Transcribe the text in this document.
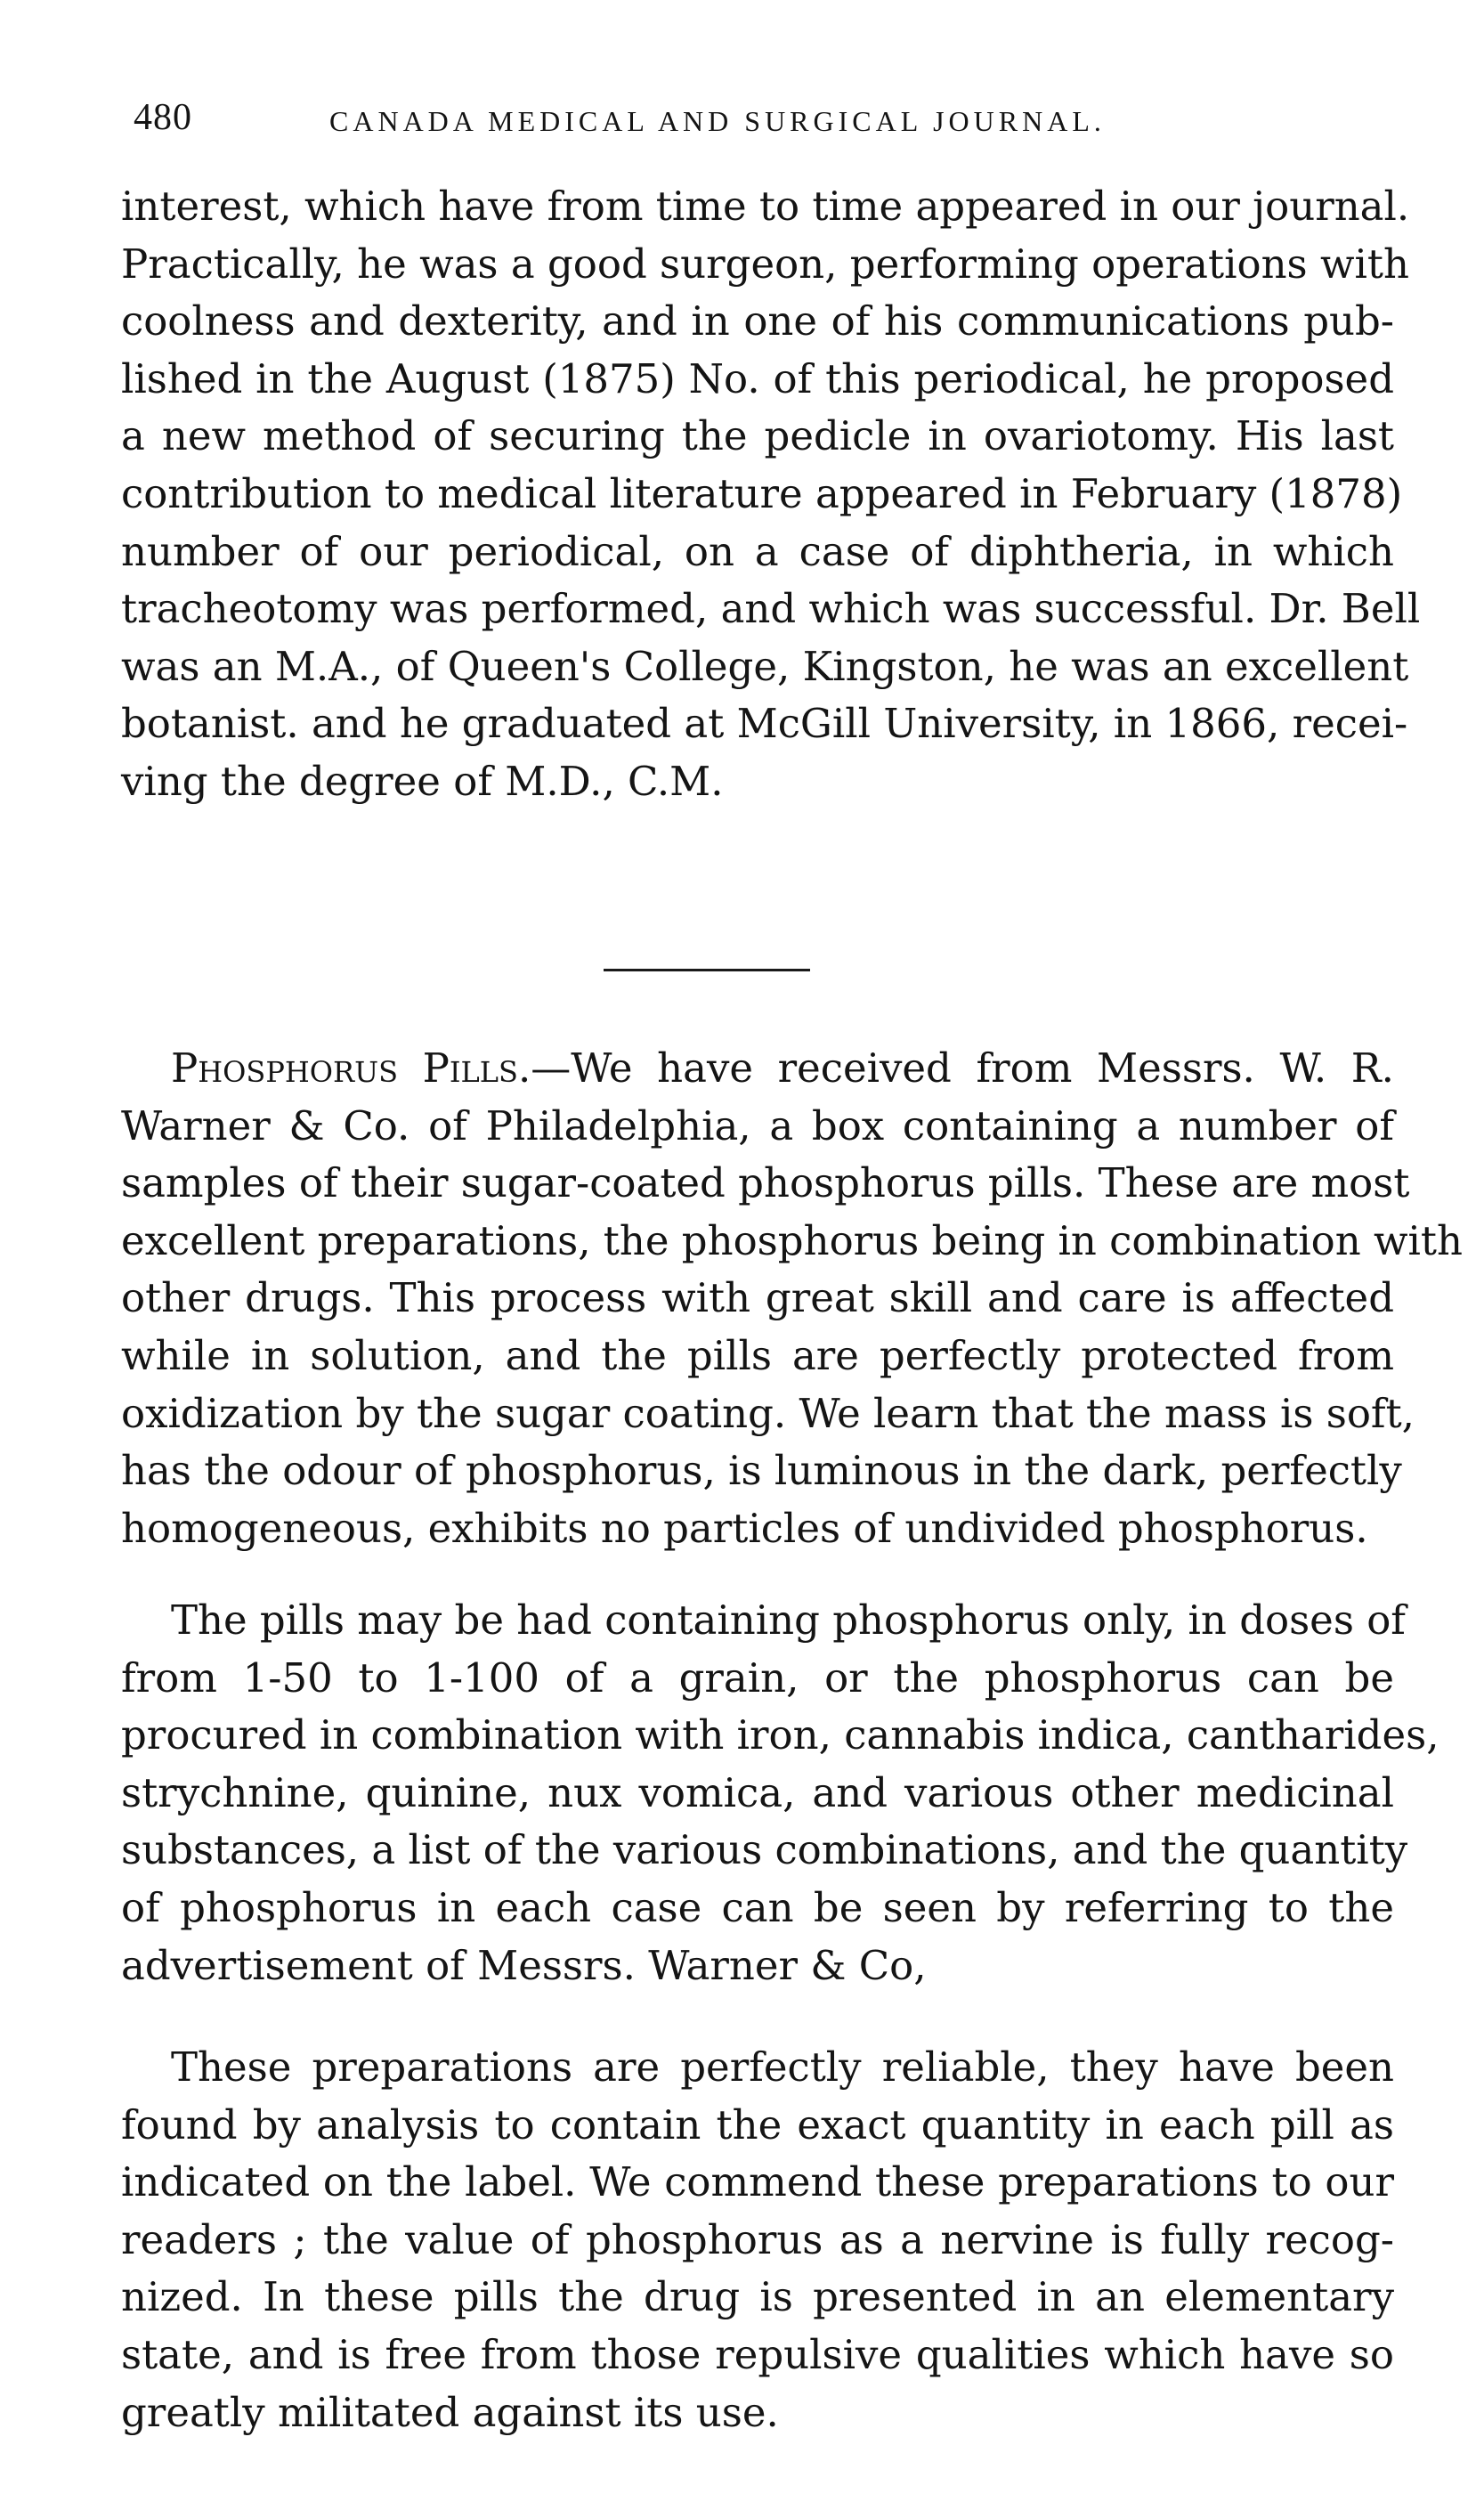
480	CANADA MEDICAL AND SURGICAL JOURNAL.
interest, which have from time to time appeared in our journal.
Practically, he was a good surgeon, performing operations with
coolness and dexterity, and in one of his communications pub-
lished in the August (1875) No. of this periodical, he proposed
a new method of securing the pedicle in ovariotomy. His last
contribution to medical literature appeared in February (1878)
number of our periodical, on a case of diphtheria, in which
tracheotomy was performed, and which was successful. Dr. Bell
was an M.A., of Queen's College, Kingston, he was an excellent
botanist. and he graduated at McGill University, in 1866, recei-
ving the degree of M.D., C.M.
Phosphorus Pills.—We have received from Messrs. W. R.
Warner & Co. of Philadelphia, a box containing a number of
samples of their sugar-coated phosphorus pills. These are most
excellent preparations, the phosphorus being in combination with
other drugs. This process with great skill and care is affected
while in solution, and the pills are perfectly protected from
oxidization by the sugar coating. We learn that the mass is soft,
has the odour of phosphorus, is luminous in the dark, perfectly
homogeneous, exhibits no particles of undivided phosphorus.
The pills may be had containing phosphorus only, in doses of
from 1-50 to 1-100 of a grain, or the phosphorus can be
procured in combination with iron, cannabis indica, cantharides,
strychnine, quinine, nux vomica, and various other medicinal
substances, a list of the various combinations, and the quantity
of phosphorus in each case can be seen by referring to the
advertisement of Messrs. Warner & Co,
These preparations are perfectly reliable, they have been
found by analysis to contain the exact quantity in each pill as
indicated on the label. We commend these preparations to our
readers ; the value of phosphorus as a nervine is fully recog-
nized. In these pills the drug is presented in an elementary
state, and is free from those repulsive qualities which have so
greatly militated against its use.
